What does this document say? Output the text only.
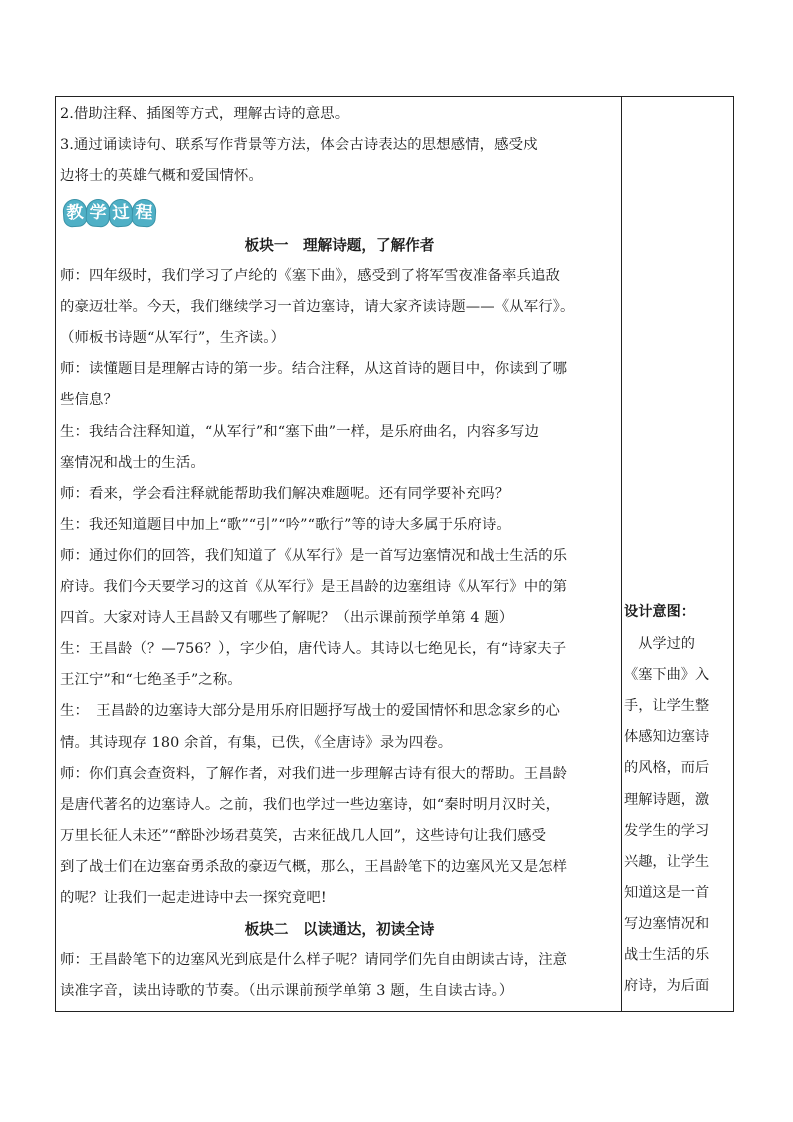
2.借助注释、插图等方式，理解古诗的意思。
3.通过诵读诗句、联系写作背景等方法，体会古诗表达的思想感情，感受戍
边将士的英雄气概和爱国情怀。
教 学 过 程
板块一　理解诗题，了解作者
师：四年级时，我们学习了卢纶的《塞下曲》，感受到了将军雪夜准备率兵追敌
的豪迈壮举。今天，我们继续学习一首边塞诗，请大家齐读诗题——《从军行》。
（师板书诗题“从军行”，生齐读。）
师：读懂题目是理解古诗的第一步。结合注释，从这首诗的题目中，你读到了哪
些信息？
生：我结合注释知道，“从军行”和“塞下曲”一样，是乐府曲名，内容多写边
塞情况和战士的生活。
师：看来，学会看注释就能帮助我们解决难题呢。还有同学要补充吗？
生：我还知道题目中加上“歌”“引”“吟”“歌行”等的诗大多属于乐府诗。
师：通过你们的回答，我们知道了《从军行》是一首写边塞情况和战士生活的乐
府诗。我们今天要学习的这首《从军行》是王昌龄的边塞组诗《从军行》中的第
四首。大家对诗人王昌龄又有哪些了解呢？（出示课前预学单第 4 题）
生：王昌龄（？—756？），字少伯，唐代诗人。其诗以七绝见长，有“诗家夫子
王江宁”和“七绝圣手”之称。
生：　王昌龄的边塞诗大部分是用乐府旧题抒写战士的爱国情怀和思念家乡的心
情。其诗现存 180 余首，有集，已佚，《全唐诗》录为四卷。
师：你们真会查资料，了解作者，对我们进一步理解古诗有很大的帮助。王昌龄
是唐代著名的边塞诗人。之前，我们也学过一些边塞诗，如“秦时明月汉时关，
万里长征人未还”“醉卧沙场君莫笑，古来征战几人回”，这些诗句让我们感受
到了战士们在边塞奋勇杀敌的豪迈气概，那么，王昌龄笔下的边塞风光又是怎样
的呢？让我们一起走进诗中去一探究竟吧!
板块二　以读通达，初读全诗
师：王昌龄笔下的边塞风光到底是什么样子呢？请同学们先自由朗读古诗，注意
读准字音，读出诗歌的节奏。（出示课前预学单第 3 题，生自读古诗。）
设计意图：
　从学过的
《塞下曲》入
手，让学生整
体感知边塞诗
的风格，而后
理解诗题，激
发学生的学习
兴趣，让学生
知道这是一首
写边塞情况和
战士生活的乐
府诗，为后面
